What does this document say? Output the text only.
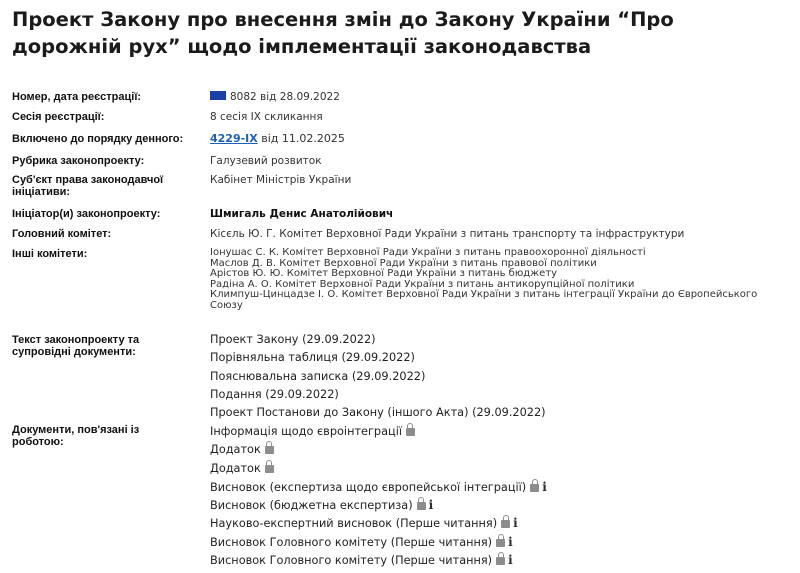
Проект Закону про внесення змін до Закону України “Про дорожній рух” щодо імплементації законодавства
Номер, дата реєстрації:	8082 від 28.09.2022
Сесія реєстрації:	8 сесія IX скликання
Включено до порядку денного:	4229-IX від 11.02.2025
Рубрика законопроекту:	Галузевий розвиток
Суб'єкт права законодавчої ініціативи:
Кабінет Міністрів України
Ініціатор(и) законопроекту:	Шмигаль Денис Анатолійович
Головний комітет:	Кісєль Ю. Г. Комітет Верховної Ради України з питань транспорту та інфраструктури
Інші комітети:	Іонушас С. К. Комітет Верховної Ради України з питань правоохоронної діяльності
Маслов Д. В. Комітет Верховної Ради України з питань правової політики
Арістов Ю. Ю. Комітет Верховної Ради України з питань бюджету
Радіна А. О. Комітет Верховної Ради України з питань антикорупційної політики
Климпуш-Цинцадзе І. О. Комітет Верховної Ради України з питань інтеграції України до Європейського
Союзу
Текст законопроекту та супровідні документи:
Проект Закону (29.09.2022)
Порівняльна таблиця (29.09.2022)
Пояснювальна записка (29.09.2022)
Подання (29.09.2022)
Проект Постанови до Закону (іншого Акта) (29.09.2022)
Документи, пов'язані із роботою:
Інформація щодо євроінтеграції
Додаток
Додаток
Висновок (експертиза щодо європейської інтеграції) i
Висновок (бюджетна експертиза) i
Науково-експертний висновок (Перше читання) i
Висновок Головного комітету (Перше читання) i
Висновок Головного комітету (Перше читання) i
